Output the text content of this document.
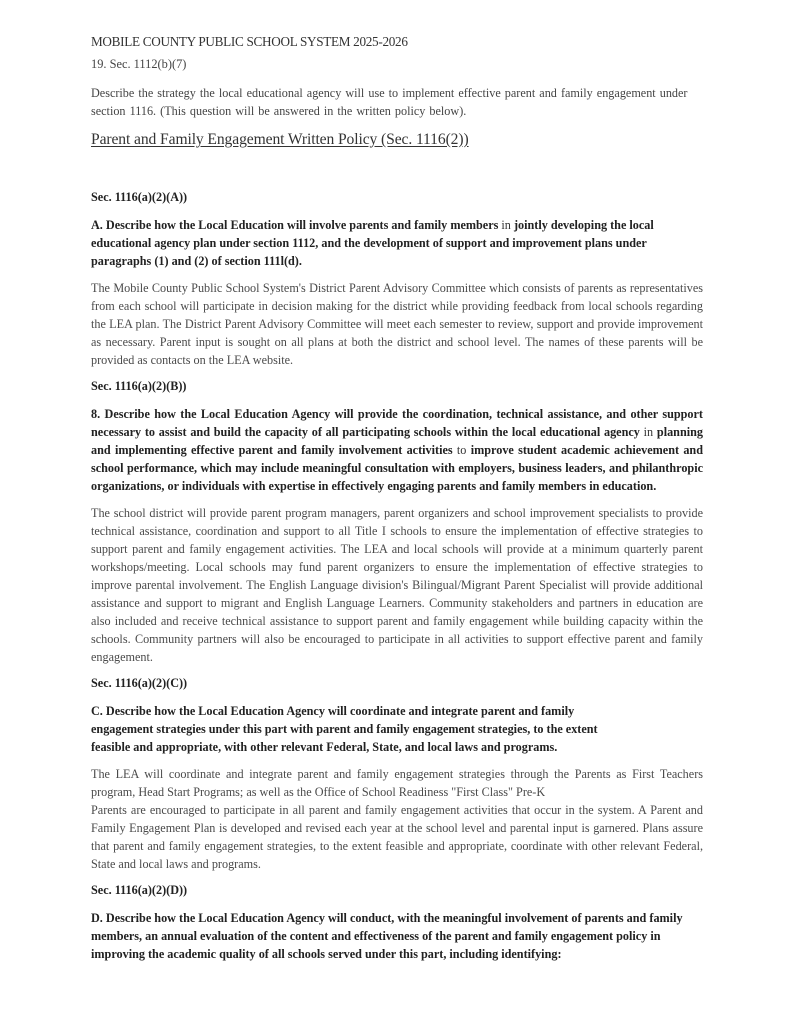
MOBILE COUNTY PUBLIC SCHOOL SYSTEM 2025-2026
19. Sec. 1112(b)(7)
Describe the strategy the local educational agency will use to implement effective parent and family engagement under section 1116. (This question will be answered in the written policy below).
Parent and Family Engagement Written Policy (Sec. 1116(2))
Sec. 1116(a)(2)(A))
A. Describe how the Local Education will involve parents and family members in jointly developing the local educational agency plan under section 1112, and the development of support and improvement plans under paragraphs (1) and (2) of section 111l(d).
The Mobile County Public School System's District Parent Advisory Committee which consists of parents as representatives from each school will participate in decision making for the district while providing feedback from local schools regarding the LEA plan. The District Parent Advisory Committee will meet each semester to review, support and provide improvement as necessary. Parent input is sought on all plans at both the district and school level. The names of these parents will be provided as contacts on the LEA website.
Sec. 1116(a)(2)(B))
8. Describe how the Local Education Agency will provide the coordination, technical assistance, and other support necessary to assist and build the capacity of all participating schools within the local educational agency in planning and implementing effective parent and family involvement activities to improve student academic achievement and school performance, which may include meaningful consultation with employers, business leaders, and philanthropic organizations, or individuals with expertise in effectively engaging parents and family members in education.
The school district will provide parent program managers, parent organizers and school improvement specialists to provide technical assistance, coordination and support to all Title I schools to ensure the implementation of effective strategies to support parent and family engagement activities. The LEA and local schools will provide at a minimum quarterly parent workshops/meeting. Local schools may fund parent organizers to ensure the implementation of effective strategies to improve parental involvement. The English Language division's Bilingual/Migrant Parent Specialist will provide additional assistance and support to migrant and English Language Learners. Community stakeholders and partners in education are also included and receive technical assistance to support parent and family engagement while building capacity within the schools. Community partners will also be encouraged to participate in all activities to support effective parent and family engagement.
Sec. 1116(a)(2)(C))
C. Describe how the Local Education Agency will coordinate and integrate parent and family
engagement strategies under this part with parent and family engagement strategies, to the extent
feasible and appropriate, with other relevant Federal, State, and local laws and programs.
The LEA will coordinate and integrate parent and family engagement strategies through the Parents as First Teachers program, Head Start Programs; as well as the Office of School Readiness "First Class" Pre-K
Parents are encouraged to participate in all parent and family engagement activities that occur in the system. A Parent and Family Engagement Plan is developed and revised each year at the school level and parental input is garnered. Plans assure that parent and family engagement strategies, to the extent feasible and appropriate, coordinate with other relevant Federal, State and local laws and programs.
Sec. 1116(a)(2)(D))
D. Describe how the Local Education Agency will conduct, with the meaningful involvement of parents and family members, an annual evaluation of the content and effectiveness of the parent and family engagement policy in improving the academic quality of all schools served under this part, including identifying:
